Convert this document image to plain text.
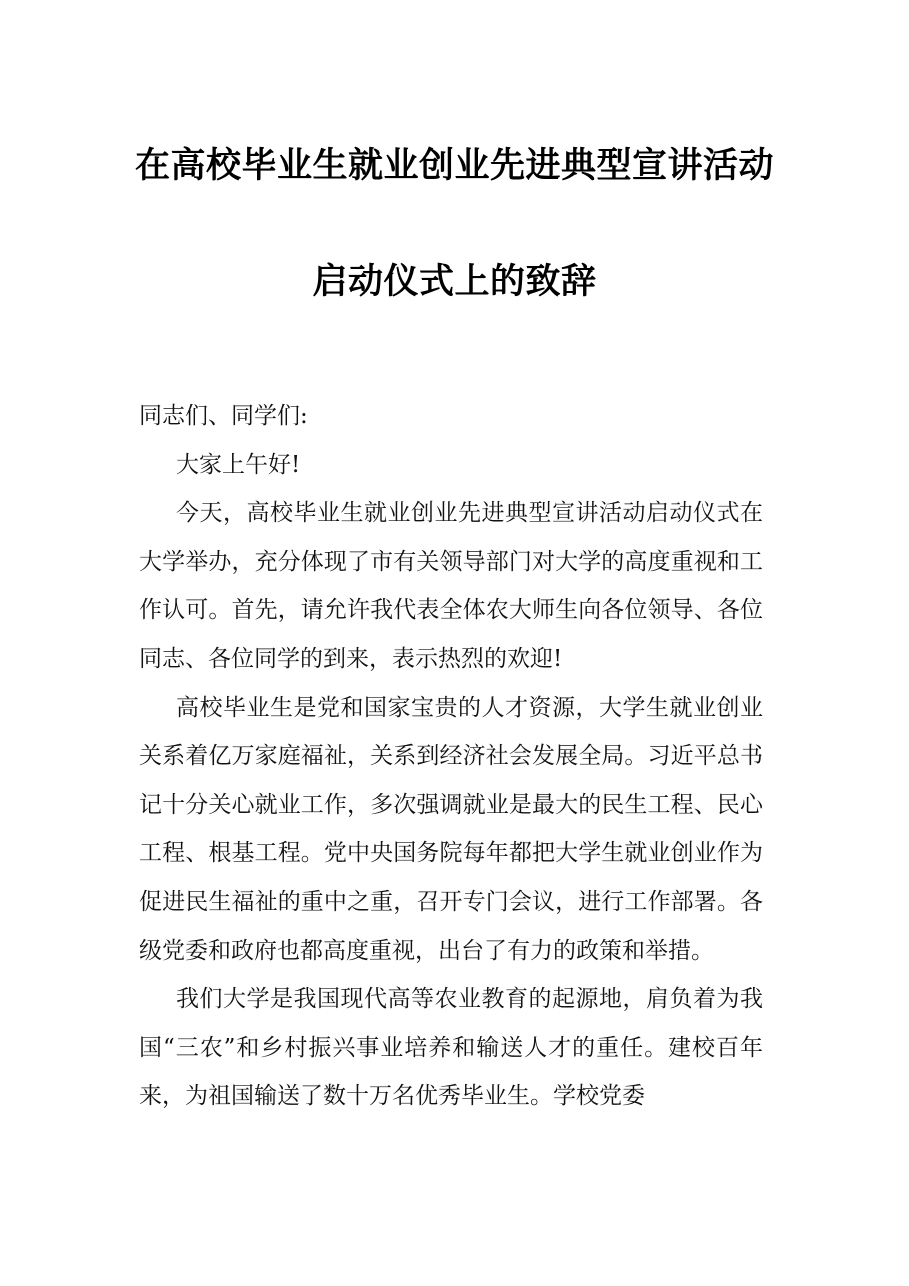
在高校毕业生就业创业先进典型宣讲活动
启动仪式上的致辞

同志们、同学们:

大家上午好!

今天，高校毕业生就业创业先进典型宣讲活动启动仪式在大学举办，充分体现了市有关领导部门对大学的高度重视和工作认可。首先，请允许我代表全体农大师生向各位领导、各位同志、各位同学的到来，表示热烈的欢迎!

高校毕业生是党和国家宝贵的人才资源，大学生就业创业关系着亿万家庭福祉，关系到经济社会发展全局。习近平总书记十分关心就业工作，多次强调就业是最大的民生工程、民心工程、根基工程。党中央国务院每年都把大学生就业创业作为促进民生福祉的重中之重，召开专门会议，进行工作部署。各级党委和政府也都高度重视，出台了有力的政策和举措。

我们大学是我国现代高等农业教育的起源地，肩负着为我国“三农”和乡村振兴事业培养和输送人才的重任。建校百年来，为祖国输送了数十万名优秀毕业生。学校党委
